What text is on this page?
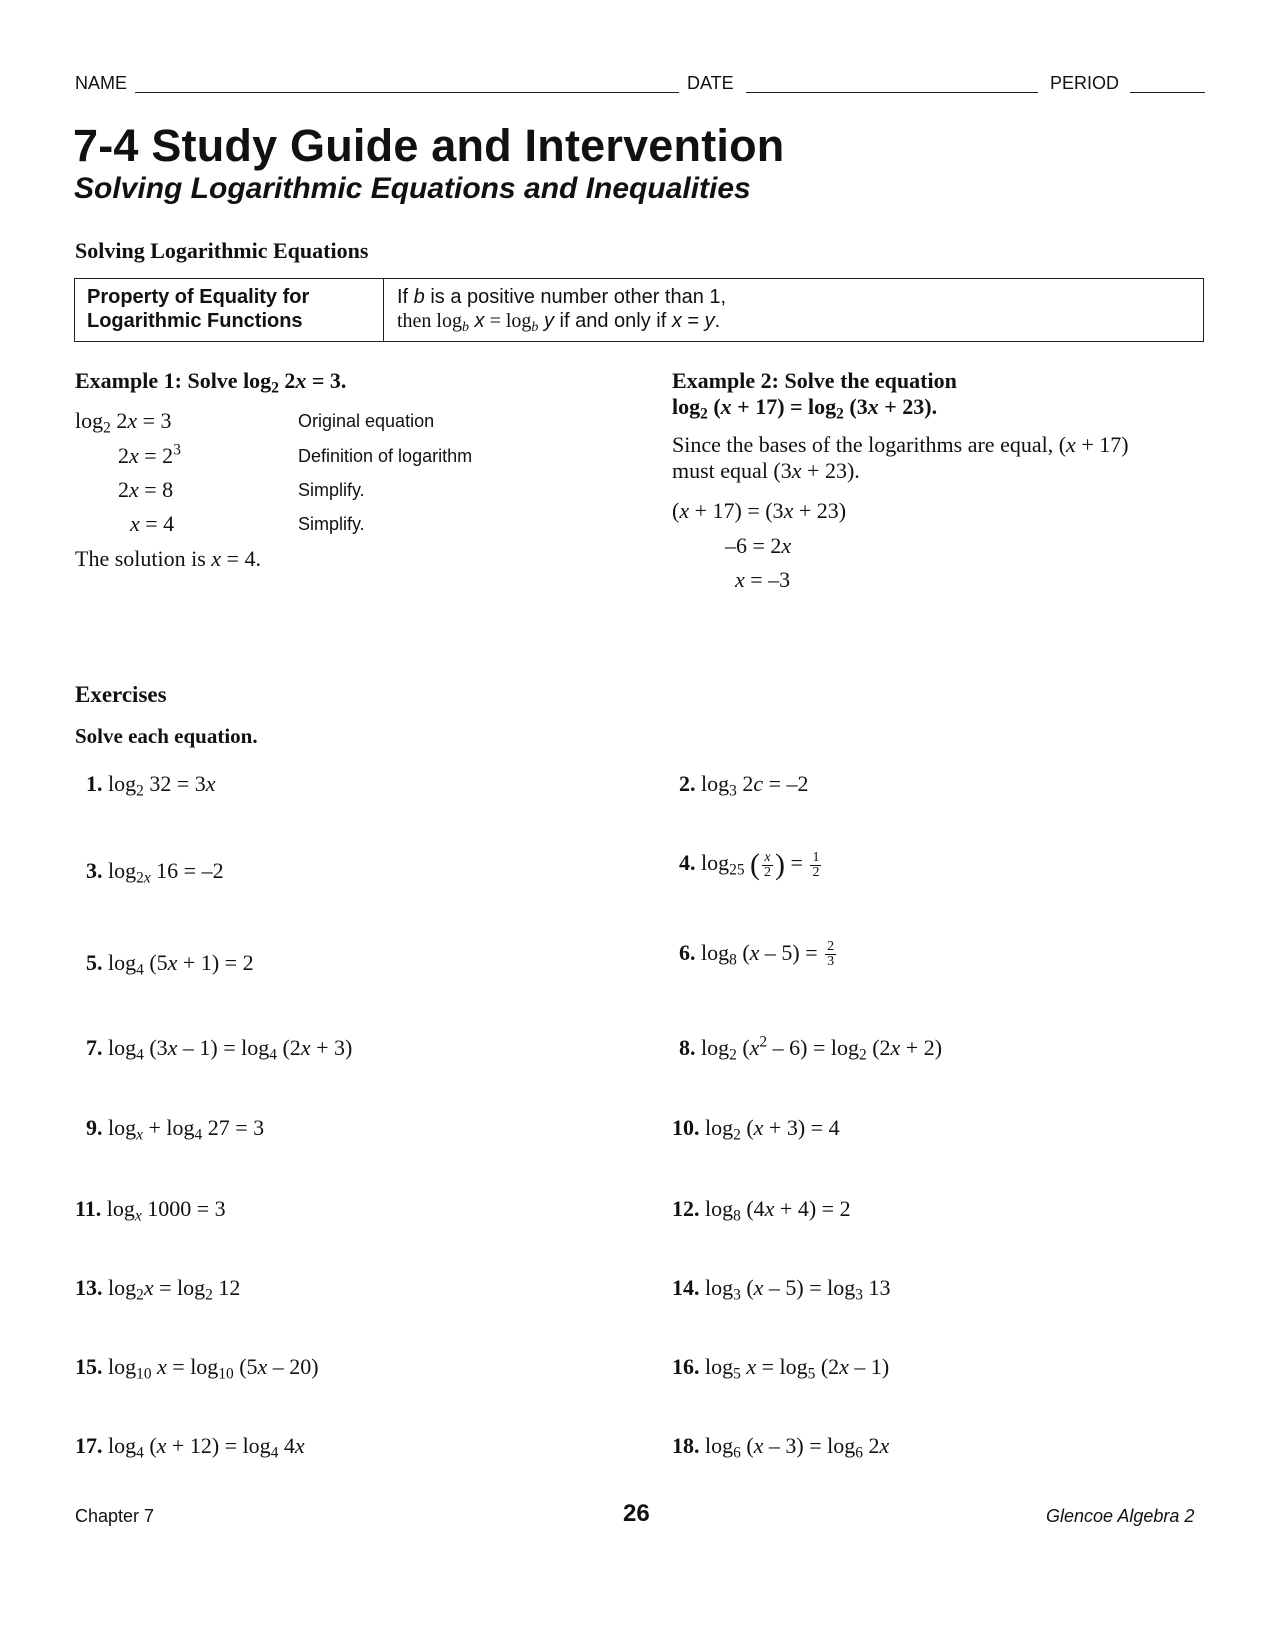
NAME	DATE	PERIOD
7-4 Study Guide and Intervention
Solving Logarithmic Equations and Inequalities
Solving Logarithmic Equations
Property of Equality for
Logarithmic Functions
If b is a positive number other than 1,
then $\log_b x = \log_b y$ if and only if x = y.
Example 1: Solve $\log_2 2x = 3$.
$\log_2 2x = 3$	Original equation
$2x = 2^3$	Definition of logarithm
2x = 8	Simplify.
x = 4	Simplify.
The solution is x = 4.
Example 2: Solve the equation
$\log_2 (x + 17) = \log_2 (3x + 23)$.
Since the bases of the logarithms are equal, (x + 17)
must equal (3x + 23).
(x + 17) = (3x + 23)
–6 = 2x
x = –3
Exercises
Solve each equation.
1. $\log_2 32 = 3x$	2. $\log_3 2c = -2$
3. $\log_{2x} 16 = -2$	4. $\log_{25}$ ( $\frac{x}{2}$ ) = $\frac{1}{2}$
5. $\log_4 (5x + 1) = 2$	6. $\log_8 (x - 5) = \frac{2}{3}$
7. $\log_4 (3x - 1) = \log_4 (2x + 3)$	8. $\log_2 (x^2 - 6) = \log_2 (2x + 2)$
9. $\log_x + \log_4 27 = 3$	10. $\log_2 (x + 3) = 4$
11. $\log_x 1000 = 3$	12. $\log_8 (4x + 4) = 2$
13. $\log_2x = \log_2 12$	14. $\log_3 (x - 5) = \log_3 13$
15. $\log_{10} x = \log_{10} (5x - 20)$	16. $\log_5 x = \log_5 (2x - 1)$
17. $\log_4 (x + 12) = \log_4 4x$	18. $\log_6 (x - 3) = \log_6 2x$
Chapter 7	26	Glencoe Algebra 2
